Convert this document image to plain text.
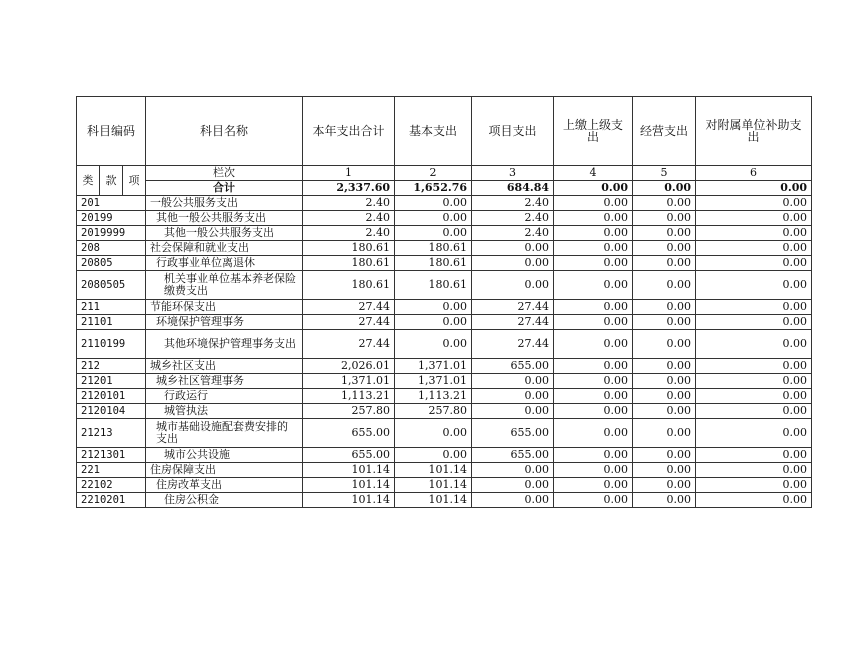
科目编码			科目名称	本年支出合计	基本支出	项目支出	上缴上级支出	经营支出	对附属单位补助支出
类	款	项	栏次	1	2	3	4	5	6
			合计	2,337.60	1,652.76	684.84	0.00	0.00	0.00
201			一般公共服务支出	2.40	0.00	2.40	0.00	0.00	0.00
20199			其他一般公共服务支出	2.40	0.00	2.40	0.00	0.00	0.00
2019999			其他一般公共服务支出	2.40	0.00	2.40	0.00	0.00	0.00
208			社会保障和就业支出	180.61	180.61	0.00	0.00	0.00	0.00
20805			行政事业单位离退休	180.61	180.61	0.00	0.00	0.00	0.00
2080505			机关事业单位基本养老保险缴费支出	180.61	180.61	0.00	0.00	0.00	0.00
211			节能环保支出	27.44	0.00	27.44	0.00	0.00	0.00
21101			环境保护管理事务	27.44	0.00	27.44	0.00	0.00	0.00
2110199			其他环境保护管理事务支出	27.44	0.00	27.44	0.00	0.00	0.00
212			城乡社区支出	2,026.01	1,371.01	655.00	0.00	0.00	0.00
21201			城乡社区管理事务	1,371.01	1,371.01	0.00	0.00	0.00	0.00
2120101			行政运行	1,113.21	1,113.21	0.00	0.00	0.00	0.00
2120104			城管执法	257.80	257.80	0.00	0.00	0.00	0.00
21213			城市基础设施配套费安排的支出	655.00	0.00	655.00	0.00	0.00	0.00
2121301			城市公共设施	655.00	0.00	655.00	0.00	0.00	0.00
221			住房保障支出	101.14	101.14	0.00	0.00	0.00	0.00
22102			住房改革支出	101.14	101.14	0.00	0.00	0.00	0.00
2210201			住房公积金	101.14	101.14	0.00	0.00	0.00	0.00
